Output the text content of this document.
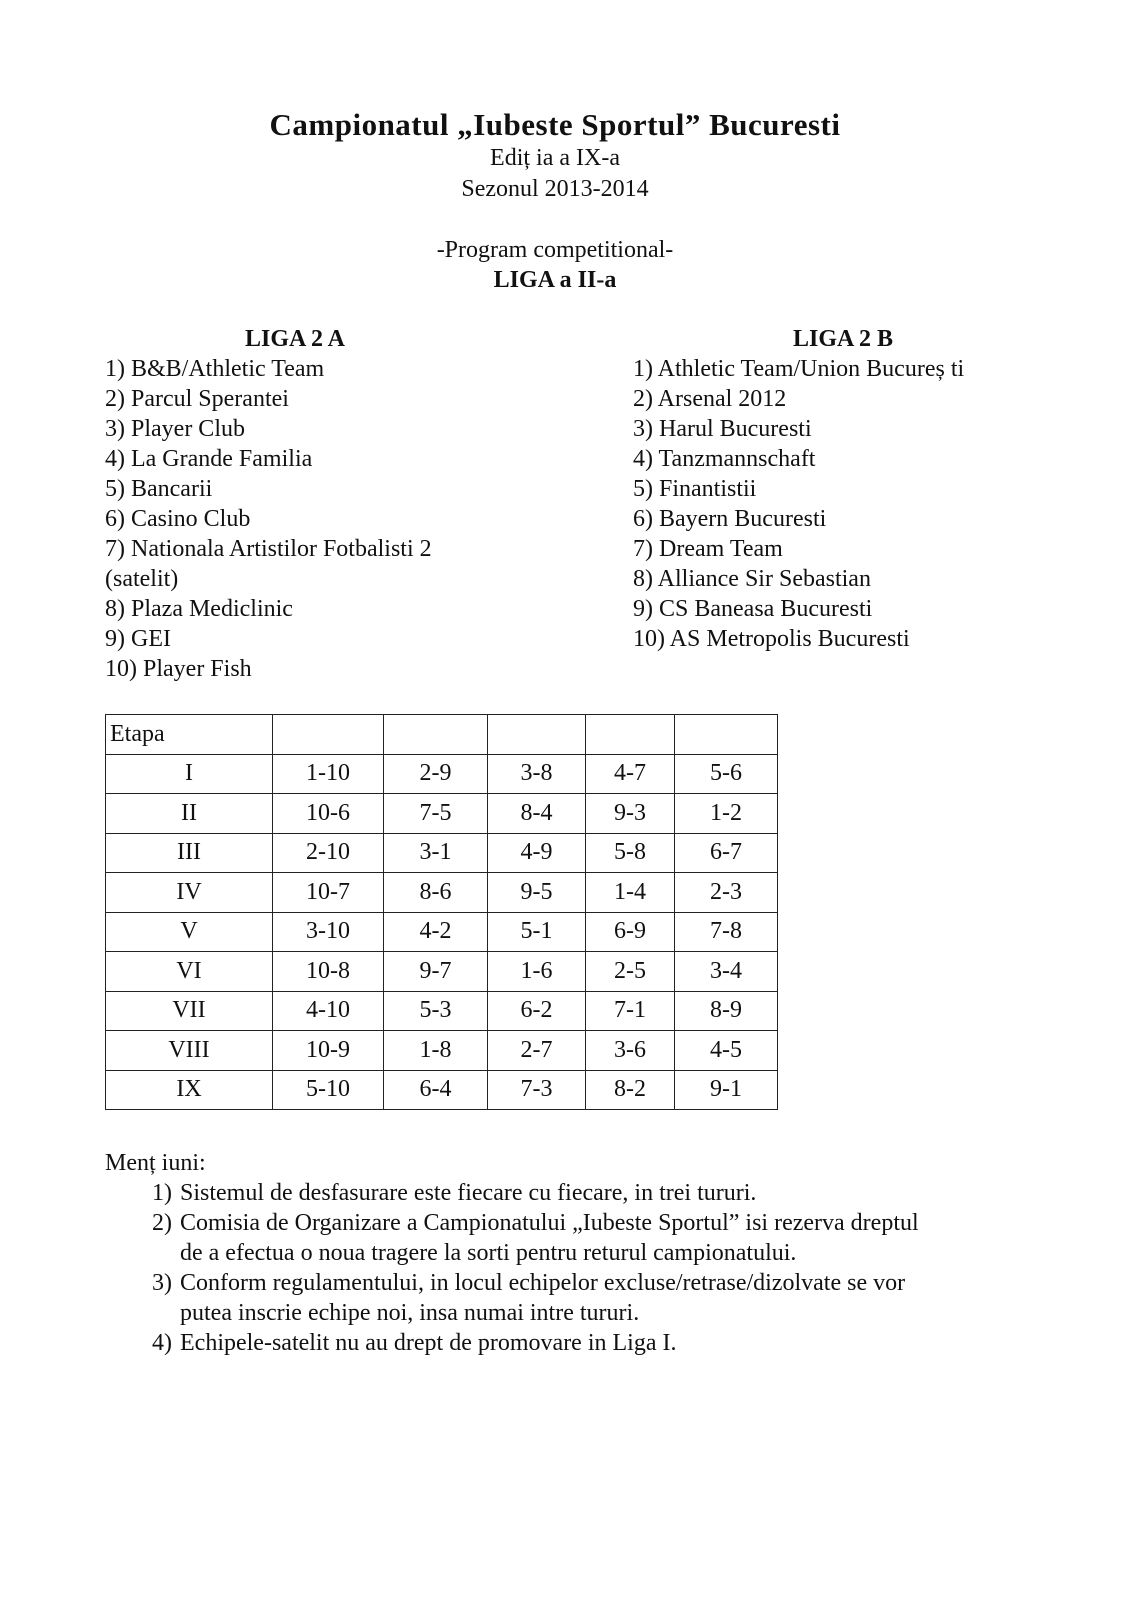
Campionatul „Iubeste Sportul” Bucuresti
Ediț ia a IX-a
Sezonul 2013-2014
-Program competitional-
LIGA a II-a
LIGA 2 A
1) B&B/Athletic Team
2) Parcul Sperantei
3) Player Club
4) La Grande Familia
5) Bancarii
6) Casino Club
7) Nationala Artistilor Fotbalisti 2 (satelit)
8) Plaza Mediclinic
9) GEI
10) Player Fish
LIGA 2 B
1) Athletic Team/Union Bucureș ti
2) Arsenal 2012
3) Harul Bucuresti
4) Tanzmannschaft
5) Finantistii
6) Bayern Bucuresti
7) Dream Team
8) Alliance Sir Sebastian
9) CS Baneasa Bucuresti
10) AS Metropolis Bucuresti
Etapa					
I	1-10	2-9	3-8	4-7	5-6
II	10-6	7-5	8-4	9-3	1-2
III	2-10	3-1	4-9	5-8	6-7
IV	10-7	8-6	9-5	1-4	2-3
V	3-10	4-2	5-1	6-9	7-8
VI	10-8	9-7	1-6	2-5	3-4
VII	4-10	5-3	6-2	7-1	8-9
VIII	10-9	1-8	2-7	3-6	4-5
IX	5-10	6-4	7-3	8-2	9-1
Menț iuni:
1) Sistemul de desfasurare este fiecare cu fiecare, in trei tururi.
2) Comisia de Organizare a Campionatului „Iubeste Sportul” isi rezerva dreptul
de a efectua o noua tragere la sorti pentru returul campionatului.
3) Conform regulamentului, in locul echipelor excluse/retrase/dizolvate se vor
putea inscrie echipe noi, insa numai intre tururi.
4) Echipele-satelit nu au drept de promovare in Liga I.
